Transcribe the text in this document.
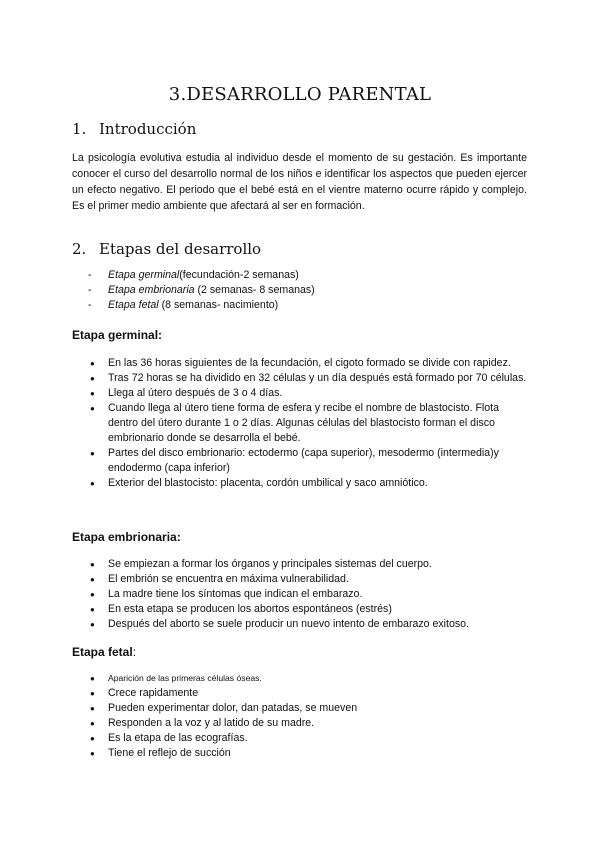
3.DESARROLLO PARENTAL
1. Introducción

La psicología evolutiva estudia al individuo desde el momento de su gestación. Es importante conocer el curso del desarrollo normal de los niños e identificar los aspectos que pueden ejercer un efecto negativo. El periodo que el bebé está en el vientre materno ocurre rápido y complejo. Es el primer medio ambiente que afectará al ser en formación.

2. Etapas del desarrollo
- Etapa germinal(fecundación-2 semanas)
- Etapa embrionaria (2 semanas- 8 semanas)
- Etapa fetal (8 semanas- nacimiento)
Etapa germinal:
● En las 36 horas siguientes de la fecundación, el cigoto formado se divide con rapidez.
● Tras 72 horas se ha dividido en 32 células y un día después está formado por 70 células.
● Llega al útero después de 3 o 4 días.
● Cuando llega al útero tiene forma de esfera y recibe el nombre de blastocisto. Flota dentro del útero durante 1 o 2 días. Algunas células del blastocisto forman el disco embrionario donde se desarrolla el bebé.
● Partes del disco embrionario: ectodermo (capa superior), mesodermo (intermedia)y endodermo (capa inferior)
● Exterior del blastocisto: placenta, cordón umbilical y saco amniótico.
Etapa embrionaria:
● Se empiezan a formar los órganos y principales sistemas del cuerpo.
● El embrión se encuentra en máxima vulnerabilidad.
● La madre tiene los síntomas que indican el embarazo.
● En esta etapa se producen los abortos espontáneos (estrés)
● Después del aborto se suele producir un nuevo intento de embarazo exitoso.
Etapa fetal:
● Aparición de las primeras células óseas.
● Crece rapidamente
● Pueden experimentar dolor, dan patadas, se mueven
● Responden a la voz y al latido de su madre.
● Es la etapa de las ecografías.
● Tiene el reflejo de succión
